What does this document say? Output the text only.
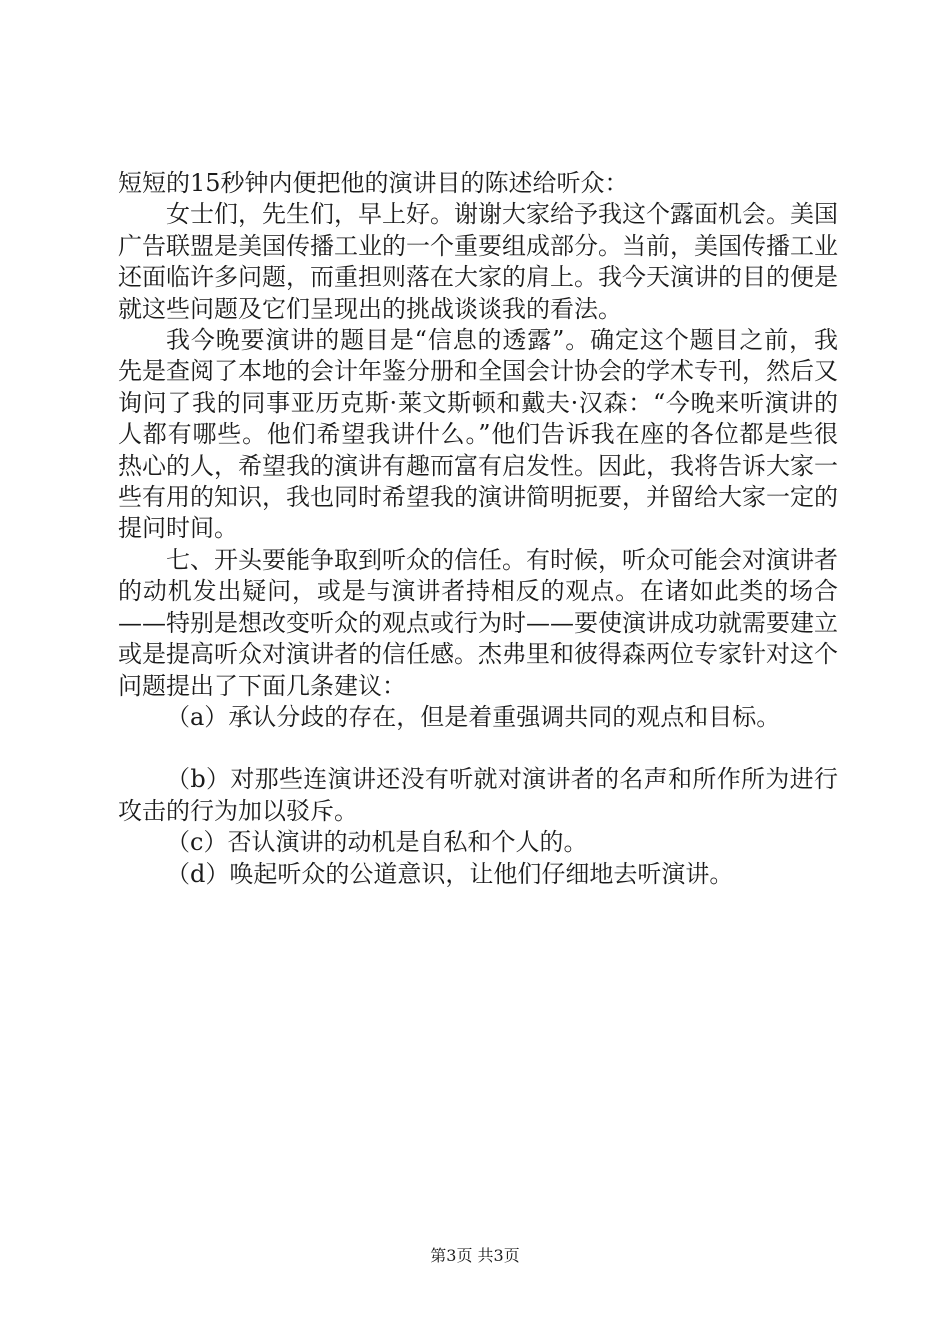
短短的15秒钟内便把他的演讲目的陈述给听众：

女士们，先生们，早上好。谢谢大家给予我这个露面机会。美国广告联盟是美国传播工业的一个重要组成部分。当前，美国传播工业还面临许多问题，而重担则落在大家的肩上。我今天演讲的目的便是就这些问题及它们呈现出的挑战谈谈我的看法。

我今晚要演讲的题目是“信息的透露”。确定这个题目之前，我先是查阅了本地的会计年鉴分册和全国会计协会的学术专刊，然后又询问了我的同事亚历克斯·莱文斯顿和戴夫·汉森：“今晚来听演讲的人都有哪些。他们希望我讲什么。”他们告诉我在座的各位都是些很热心的人，希望我的演讲有趣而富有启发性。因此，我将告诉大家一些有用的知识，我也同时希望我的演讲简明扼要，并留给大家一定的提问时间。

七、开头要能争取到听众的信任。有时候，听众可能会对演讲者的动机发出疑问，或是与演讲者持相反的观点。在诸如此类的场合——特别是想改变听众的观点或行为时——要使演讲成功就需要建立或是提高听众对演讲者的信任感。杰弗里和彼得森两位专家针对这个问题提出了下面几条建议：

（a）承认分歧的存在，但是着重强调共同的观点和目标。

（b）对那些连演讲还没有听就对演讲者的名声和所作所为进行攻击的行为加以驳斥。

（c）否认演讲的动机是自私和个人的。

（d）唤起听众的公道意识，让他们仔细地去听演讲。

第3页 共3页
